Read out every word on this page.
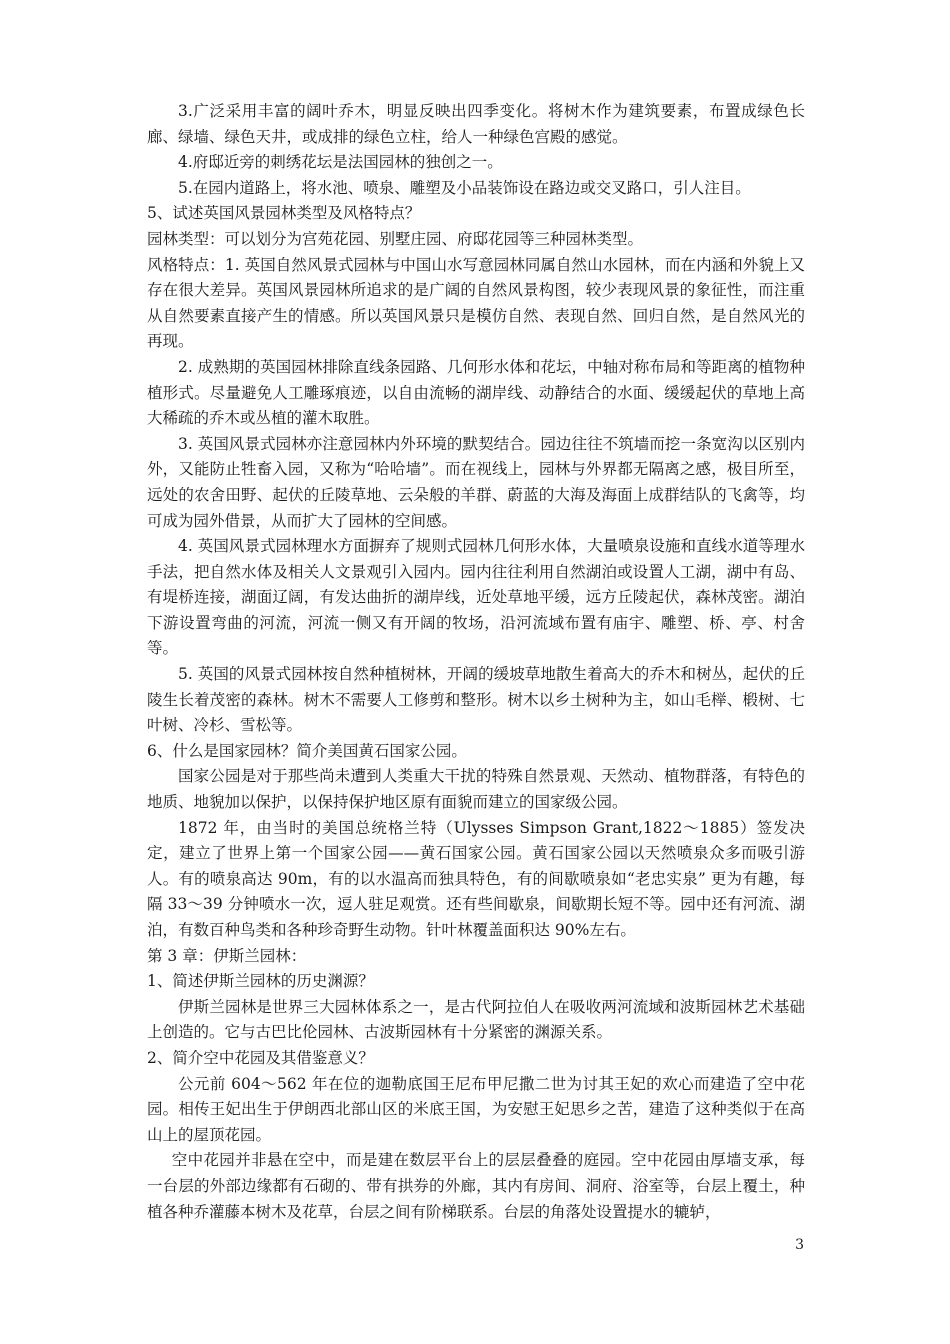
3.广泛采用丰富的阔叶乔木，明显反映出四季变化。将树木作为建筑要素，布置成绿色长廊、绿墙、绿色天井，或成排的绿色立柱，给人一种绿色宫殿的感觉。

4.府邸近旁的刺绣花坛是法国园林的独创之一。

5.在园内道路上，将水池、喷泉、雕塑及小品装饰设在路边或交叉路口，引人注目。

5、试述英国风景园林类型及风格特点？

园林类型：可以划分为宫苑花园、别墅庄园、府邸花园等三种园林类型。

风格特点：1. 英国自然风景式园林与中国山水写意园林同属自然山水园林，而在内涵和外貌上又存在很大差异。英国风景园林所追求的是广阔的自然风景构图，较少表现风景的象征性，而注重从自然要素直接产生的情感。所以英国风景只是模仿自然、表现自然、回归自然，是自然风光的再现。

2. 成熟期的英国园林排除直线条园路、几何形水体和花坛，中轴对称布局和等距离的植物种植形式。尽量避免人工雕琢痕迹，以自由流畅的湖岸线、动静结合的水面、缓缓起伏的草地上高大稀疏的乔木或丛植的灌木取胜。

3. 英国风景式园林亦注意园林内外环境的默契结合。园边往往不筑墙而挖一条宽沟以区别内外，又能防止牲畜入园，又称为“哈哈墙”。而在视线上，园林与外界都无隔离之感，极目所至，远处的农舍田野、起伏的丘陵草地、云朵般的羊群、蔚蓝的大海及海面上成群结队的飞禽等，均可成为园外借景，从而扩大了园林的空间感。

4. 英国风景式园林理水方面摒弃了规则式园林几何形水体，大量喷泉设施和直线水道等理水手法，把自然水体及相关人文景观引入园内。园内往往利用自然湖泊或设置人工湖，湖中有岛、有堤桥连接，湖面辽阔，有发达曲折的湖岸线，近处草地平缓，远方丘陵起伏，森林茂密。湖泊下游设置弯曲的河流，河流一侧又有开阔的牧场，沿河流域布置有庙宇、雕塑、桥、亭、村舍等。

5. 英国的风景式园林按自然种植树林，开阔的缓坡草地散生着高大的乔木和树丛，起伏的丘陵生长着茂密的森林。树木不需要人工修剪和整形。树木以乡土树种为主，如山毛榉、椴树、七叶树、冷杉、雪松等。

6、什么是国家园林？简介美国黄石国家公园。

国家公园是对于那些尚未遭到人类重大干扰的特殊自然景观、天然动、植物群落，有特色的地质、地貌加以保护，以保持保护地区原有面貌而建立的国家级公园。

1872 年，由当时的美国总统格兰特（Ulysses Simpson Grant,1822～1885）签发决定，建立了世界上第一个国家公园——黄石国家公园。黄石国家公园以天然喷泉众多而吸引游人。有的喷泉高达 90m，有的以水温高而独具特色，有的间歇喷泉如“老忠实泉” 更为有趣，每隔 33～39 分钟喷水一次，逗人驻足观赏。还有些间歇泉，间歇期长短不等。园中还有河流、湖泊，有数百种鸟类和各种珍奇野生动物。针叶林覆盖面积达 90%左右。

第 3 章：伊斯兰园林：

1、简述伊斯兰园林的历史渊源？

伊斯兰园林是世界三大园林体系之一，是古代阿拉伯人在吸收两河流域和波斯园林艺术基础上创造的。它与古巴比伦园林、古波斯园林有十分紧密的渊源关系。

2、简介空中花园及其借鉴意义？

公元前 604～562 年在位的迦勒底国王尼布甲尼撒二世为讨其王妃的欢心而建造了空中花园。相传王妃出生于伊朗西北部山区的米底王国，为安慰王妃思乡之苦，建造了这种类似于在高山上的屋顶花园。

空中花园并非悬在空中，而是建在数层平台上的层层叠叠的庭园。空中花园由厚墙支承，每一台层的外部边缘都有石砌的、带有拱券的外廊，其内有房间、洞府、浴室等，台层上覆土，种植各种乔灌藤本树木及花草，台层之间有阶梯联系。台层的角落处设置提水的辘轳，

3
